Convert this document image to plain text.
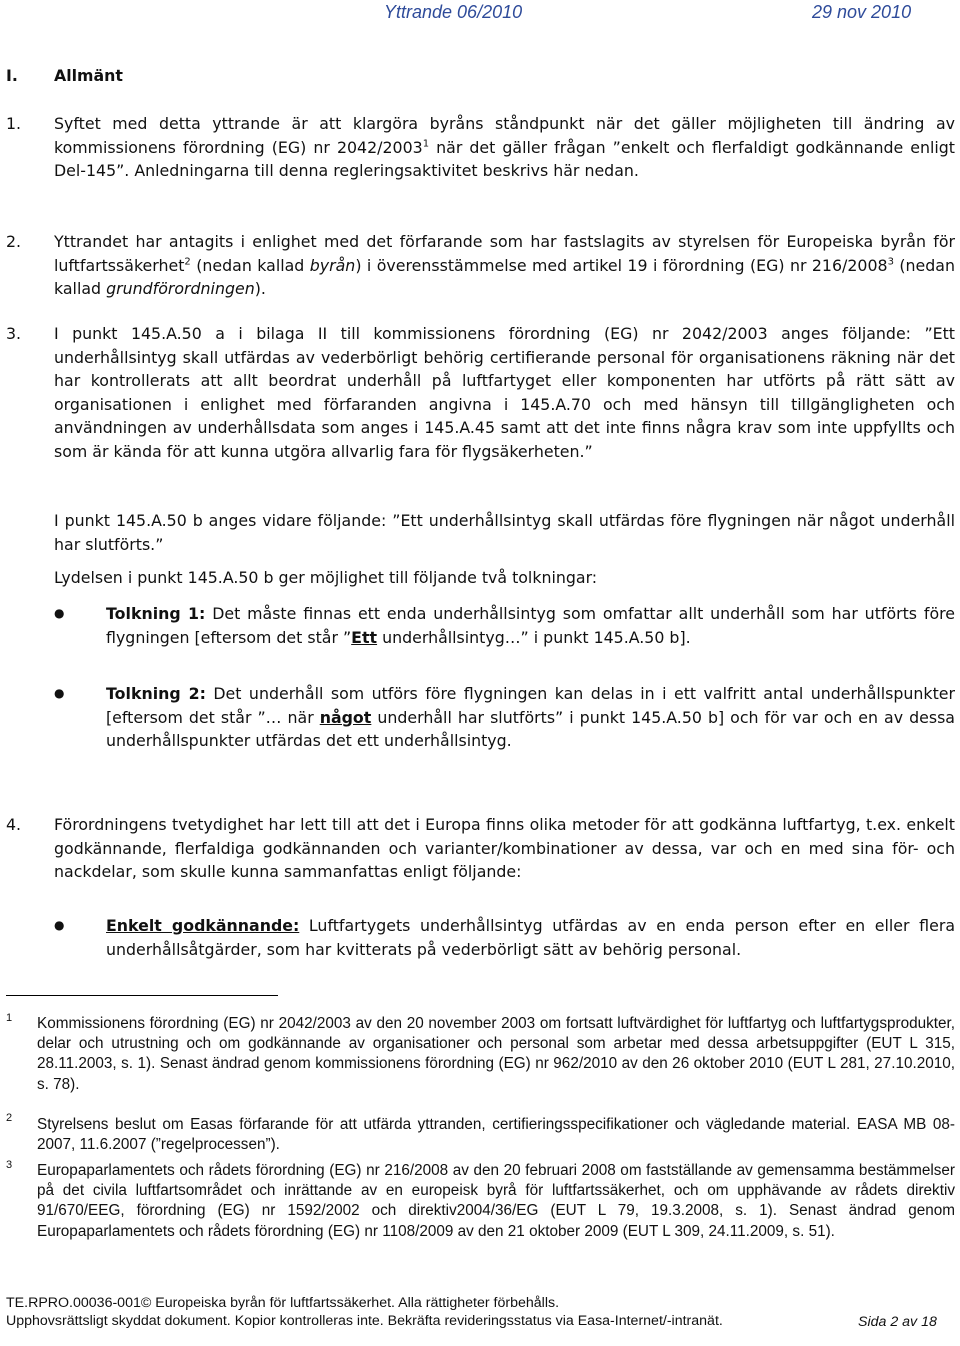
Yttrande 06/2010	29 nov 2010
I. Allmänt
1. Syftet med detta yttrande är att klargöra byråns ståndpunkt när det gäller möjligheten till ändring av kommissionens förordning (EG) nr 2042/2003$^1$ när det gäller frågan ”enkelt och flerfaldigt godkännande enligt Del-145”. Anledningarna till denna regleringsaktivitet beskrivs här nedan.
2. Yttrandet har antagits i enlighet med det förfarande som har fastslagits av styrelsen för Europeiska byrån för luftfartssäkerhet$^2$ (nedan kallad byrån) i överensstämmelse med artikel 19 i förordning (EG) nr 216/2008$^3$ (nedan kallad grundförordningen).
3. I punkt 145.A.50 a i bilaga II till kommissionens förordning (EG) nr 2042/2003 anges följande: ”Ett underhållsintyg skall utfärdas av vederbörligt behörig certifierande personal för organisationens räkning när det har kontrollerats att allt beordrat underhåll på luftfartyget eller komponenten har utförts på rätt sätt av organisationen i enlighet med förfaranden angivna i 145.A.70 och med hänsyn till tillgängligheten och användningen av underhållsdata som anges i 145.A.45 samt att det inte finns några krav som inte uppfyllts och som är kända för att kunna utgöra allvarlig fara för flygsäkerheten.”
I punkt 145.A.50 b anges vidare följande: ”Ett underhållsintyg skall utfärdas före flygningen när något underhåll har slutförts.”
Lydelsen i punkt 145.A.50 b ger möjlighet till följande två tolkningar:
●	Tolkning 1: Det måste finnas ett enda underhållsintyg som omfattar allt underhåll som har utförts före flygningen [eftersom det står ”Ett underhållsintyg…” i punkt 145.A.50 b].
●	Tolkning 2: Det underhåll som utförs före flygningen kan delas in i ett valfritt antal underhållspunkter [eftersom det står ”… när något underhåll har slutförts” i punkt 145.A.50 b] och för var och en av dessa underhållspunkter utfärdas det ett underhållsintyg.
4. Förordningens tvetydighet har lett till att det i Europa finns olika metoder för att godkänna luftfartyg, t.ex. enkelt godkännande, flerfaldiga godkännanden och varianter/kombinationer av dessa, var och en med sina för- och nackdelar, som skulle kunna sammanfattas enligt följande:
●	Enkelt godkännande: Luftfartygets underhållsintyg utfärdas av en enda person efter en eller flera underhållsåtgärder, som har kvitterats på vederbörligt sätt av behörig personal.
1 Kommissionens förordning (EG) nr 2042/2003 av den 20 november 2003 om fortsatt luftvärdighet för luftfartyg och luftfartygsprodukter, delar och utrustning och om godkännande av organisationer och personal som arbetar med dessa arbetsuppgifter (EUT L 315, 28.11.2003, s. 1). Senast ändrad genom kommissionens förordning (EG) nr 962/2010 av den 26 oktober 2010 (EUT L 281, 27.10.2010, s. 78).
2 Styrelsens beslut om Easas förfarande för att utfärda yttranden, certifieringsspecifikationer och vägledande material. EASA MB 08-2007, 11.6.2007 (”regelprocessen”).
3 Europaparlamentets och rådets förordning (EG) nr 216/2008 av den 20 februari 2008 om fastställande av gemensamma bestämmelser på det civila luftfartsområdet och inrättande av en europeisk byrå för luftfartssäkerhet, och om upphävande av rådets direktiv 91/670/EEG, förordning (EG) nr 1592/2002 och direktiv2004/36/EG (EUT L 79, 19.3.2008, s. 1). Senast ändrad genom Europaparlamentets och rådets förordning (EG) nr 1108/2009 av den 21 oktober 2009 (EUT L 309, 24.11.2009, s. 51).
TE.RPRO.00036-001© Europeiska byrån för luftfartssäkerhet. Alla rättigheter förbehålls.
Upphovsrättsligt skyddat dokument. Kopior kontrolleras inte. Bekräfta revideringsstatus via Easa-Internet/-intranät.	Sida 2 av 18
